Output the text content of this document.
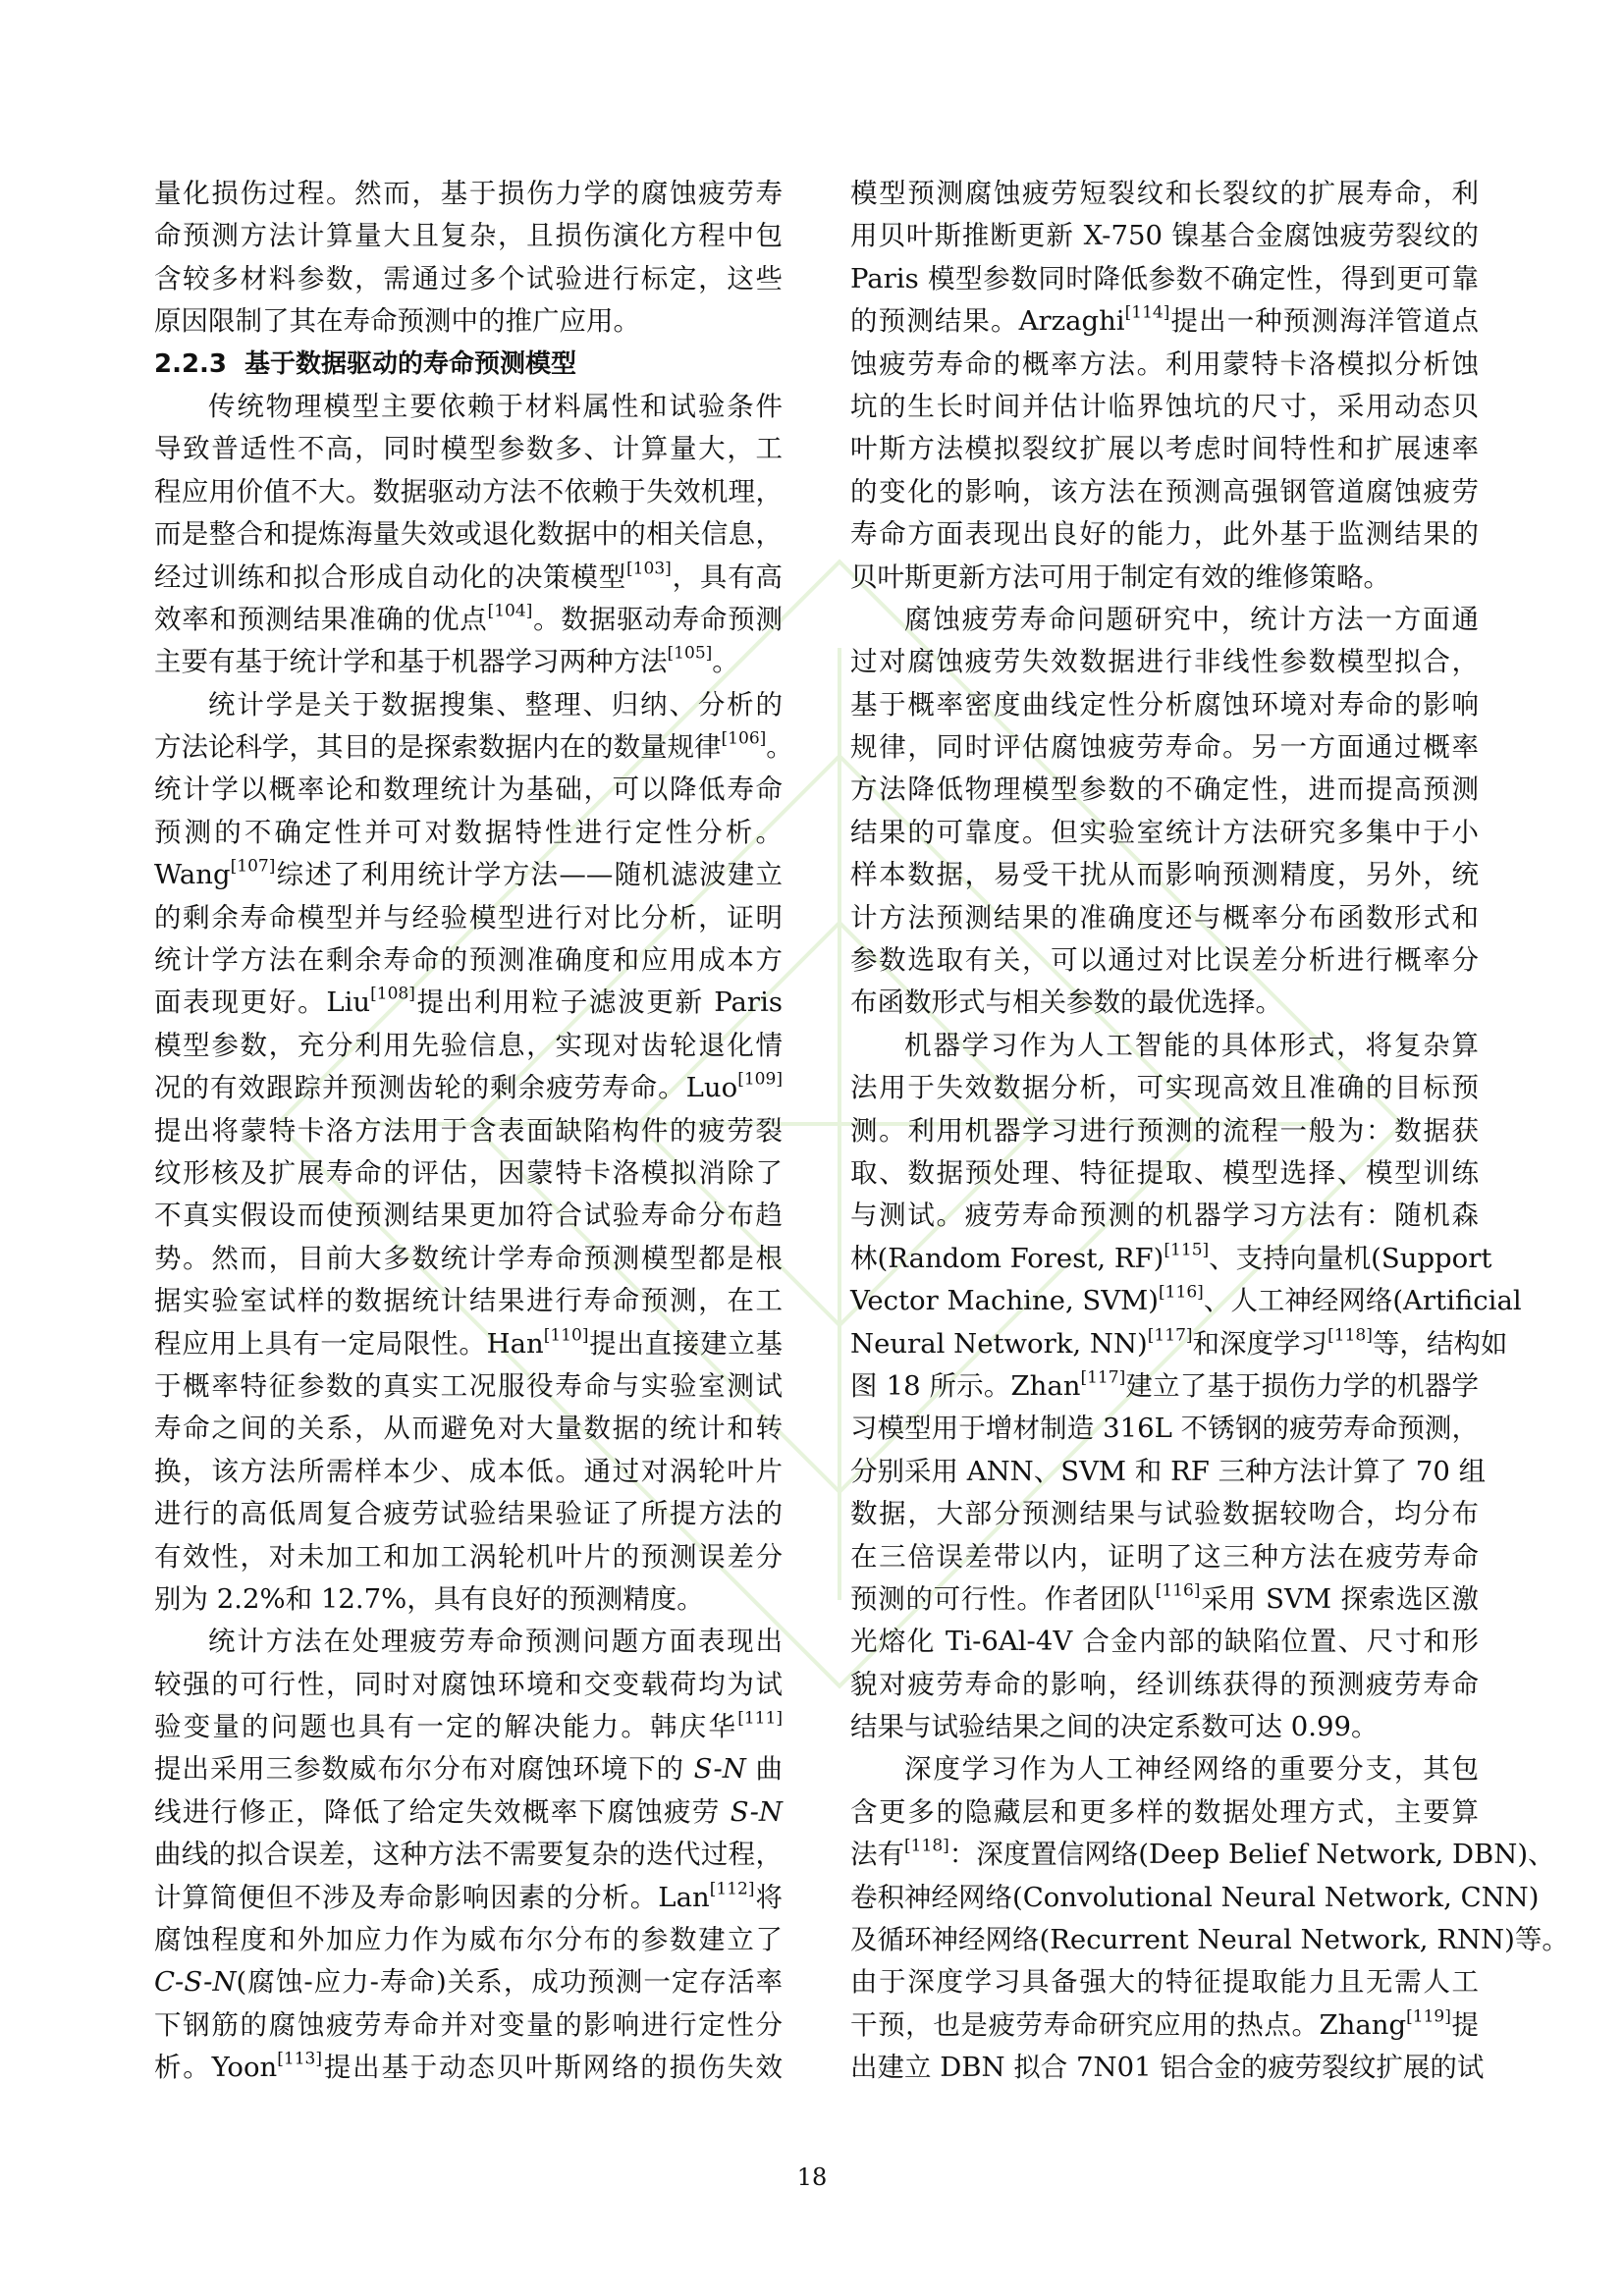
量化损伤过程。然而，基于损伤力学的腐蚀疲劳寿
命预测方法计算量大且复杂，且损伤演化方程中包
含较多材料参数，需通过多个试验进行标定，这些
原因限制了其在寿命预测中的推广应用。
2.2.3 基于数据驱动的寿命预测模型
传统物理模型主要依赖于材料属性和试验条件
导致普适性不高，同时模型参数多、计算量大，工
程应用价值不大。数据驱动方法不依赖于失效机理，
而是整合和提炼海量失效或退化数据中的相关信息，
经过训练和拟合形成自动化的决策模型[103]，具有高
效率和预测结果准确的优点[104]。数据驱动寿命预测
主要有基于统计学和基于机器学习两种方法[105]。
统计学是关于数据搜集、整理、归纳、分析的
方法论科学，其目的是探索数据内在的数量规律[106]。
统计学以概率论和数理统计为基础，可以降低寿命
预测的不确定性并可对数据特性进行定性分析。
Wang[107]综述了利用统计学方法——随机滤波建立
的剩余寿命模型并与经验模型进行对比分析，证明
统计学方法在剩余寿命的预测准确度和应用成本方
面表现更好。Liu[108]提出利用粒子滤波更新 Paris
模型参数，充分利用先验信息，实现对齿轮退化情
况的有效跟踪并预测齿轮的剩余疲劳寿命。Luo[109]
提出将蒙特卡洛方法用于含表面缺陷构件的疲劳裂
纹形核及扩展寿命的评估，因蒙特卡洛模拟消除了
不真实假设而使预测结果更加符合试验寿命分布趋
势。然而，目前大多数统计学寿命预测模型都是根
据实验室试样的数据统计结果进行寿命预测，在工
程应用上具有一定局限性。Han[110]提出直接建立基
于概率特征参数的真实工况服役寿命与实验室测试
寿命之间的关系，从而避免对大量数据的统计和转
换，该方法所需样本少、成本低。通过对涡轮叶片
进行的高低周复合疲劳试验结果验证了所提方法的
有效性，对未加工和加工涡轮机叶片的预测误差分
别为 2.2%和 12.7%，具有良好的预测精度。
统计方法在处理疲劳寿命预测问题方面表现出
较强的可行性，同时对腐蚀环境和交变载荷均为试
验变量的问题也具有一定的解决能力。韩庆华[111]
提出采用三参数威布尔分布对腐蚀环境下的 S-N 曲
线进行修正，降低了给定失效概率下腐蚀疲劳 S-N
曲线的拟合误差，这种方法不需要复杂的迭代过程，
计算简便但不涉及寿命影响因素的分析。Lan[112]将
腐蚀程度和外加应力作为威布尔分布的参数建立了
C-S-N(腐蚀-应力-寿命)关系，成功预测一定存活率
下钢筋的腐蚀疲劳寿命并对变量的影响进行定性分
析。Yoon[113]提出基于动态贝叶斯网络的损伤失效
模型预测腐蚀疲劳短裂纹和长裂纹的扩展寿命，利
用贝叶斯推断更新 X-750 镍基合金腐蚀疲劳裂纹的
Paris 模型参数同时降低参数不确定性，得到更可靠
的预测结果。Arzaghi[114]提出一种预测海洋管道点
蚀疲劳寿命的概率方法。利用蒙特卡洛模拟分析蚀
坑的生长时间并估计临界蚀坑的尺寸，采用动态贝
叶斯方法模拟裂纹扩展以考虑时间特性和扩展速率
的变化的影响，该方法在预测高强钢管道腐蚀疲劳
寿命方面表现出良好的能力，此外基于监测结果的
贝叶斯更新方法可用于制定有效的维修策略。
腐蚀疲劳寿命问题研究中，统计方法一方面通
过对腐蚀疲劳失效数据进行非线性参数模型拟合，
基于概率密度曲线定性分析腐蚀环境对寿命的影响
规律，同时评估腐蚀疲劳寿命。另一方面通过概率
方法降低物理模型参数的不确定性，进而提高预测
结果的可靠度。但实验室统计方法研究多集中于小
样本数据，易受干扰从而影响预测精度，另外，统
计方法预测结果的准确度还与概率分布函数形式和
参数选取有关，可以通过对比误差分析进行概率分
布函数形式与相关参数的最优选择。
机器学习作为人工智能的具体形式，将复杂算
法用于失效数据分析，可实现高效且准确的目标预
测。利用机器学习进行预测的流程一般为：数据获
取、数据预处理、特征提取、模型选择、模型训练
与测试。疲劳寿命预测的机器学习方法有：随机森
林(Random Forest, RF)[115]、支持向量机(Support
Vector Machine, SVM)[116]、人工神经网络(Artificial
Neural Network, NN)[117]和深度学习[118]等，结构如
图 18 所示。Zhan[117]建立了基于损伤力学的机器学
习模型用于增材制造 316L 不锈钢的疲劳寿命预测，
分别采用 ANN、SVM 和 RF 三种方法计算了 70 组
数据，大部分预测结果与试验数据较吻合，均分布
在三倍误差带以内，证明了这三种方法在疲劳寿命
预测的可行性。作者团队[116]采用 SVM 探索选区激
光熔化 Ti-6Al-4V 合金内部的缺陷位置、尺寸和形
貌对疲劳寿命的影响，经训练获得的预测疲劳寿命
结果与试验结果之间的决定系数可达 0.99。
深度学习作为人工神经网络的重要分支，其包
含更多的隐藏层和更多样的数据处理方式，主要算
法有[118]：深度置信网络(Deep Belief Network, DBN)、
卷积神经网络(Convolutional Neural Network, CNN)
及循环神经网络(Recurrent Neural Network, RNN)等。
由于深度学习具备强大的特征提取能力且无需人工
干预，也是疲劳寿命研究应用的热点。Zhang[119]提
出建立 DBN 拟合 7N01 铝合金的疲劳裂纹扩展的试
18
